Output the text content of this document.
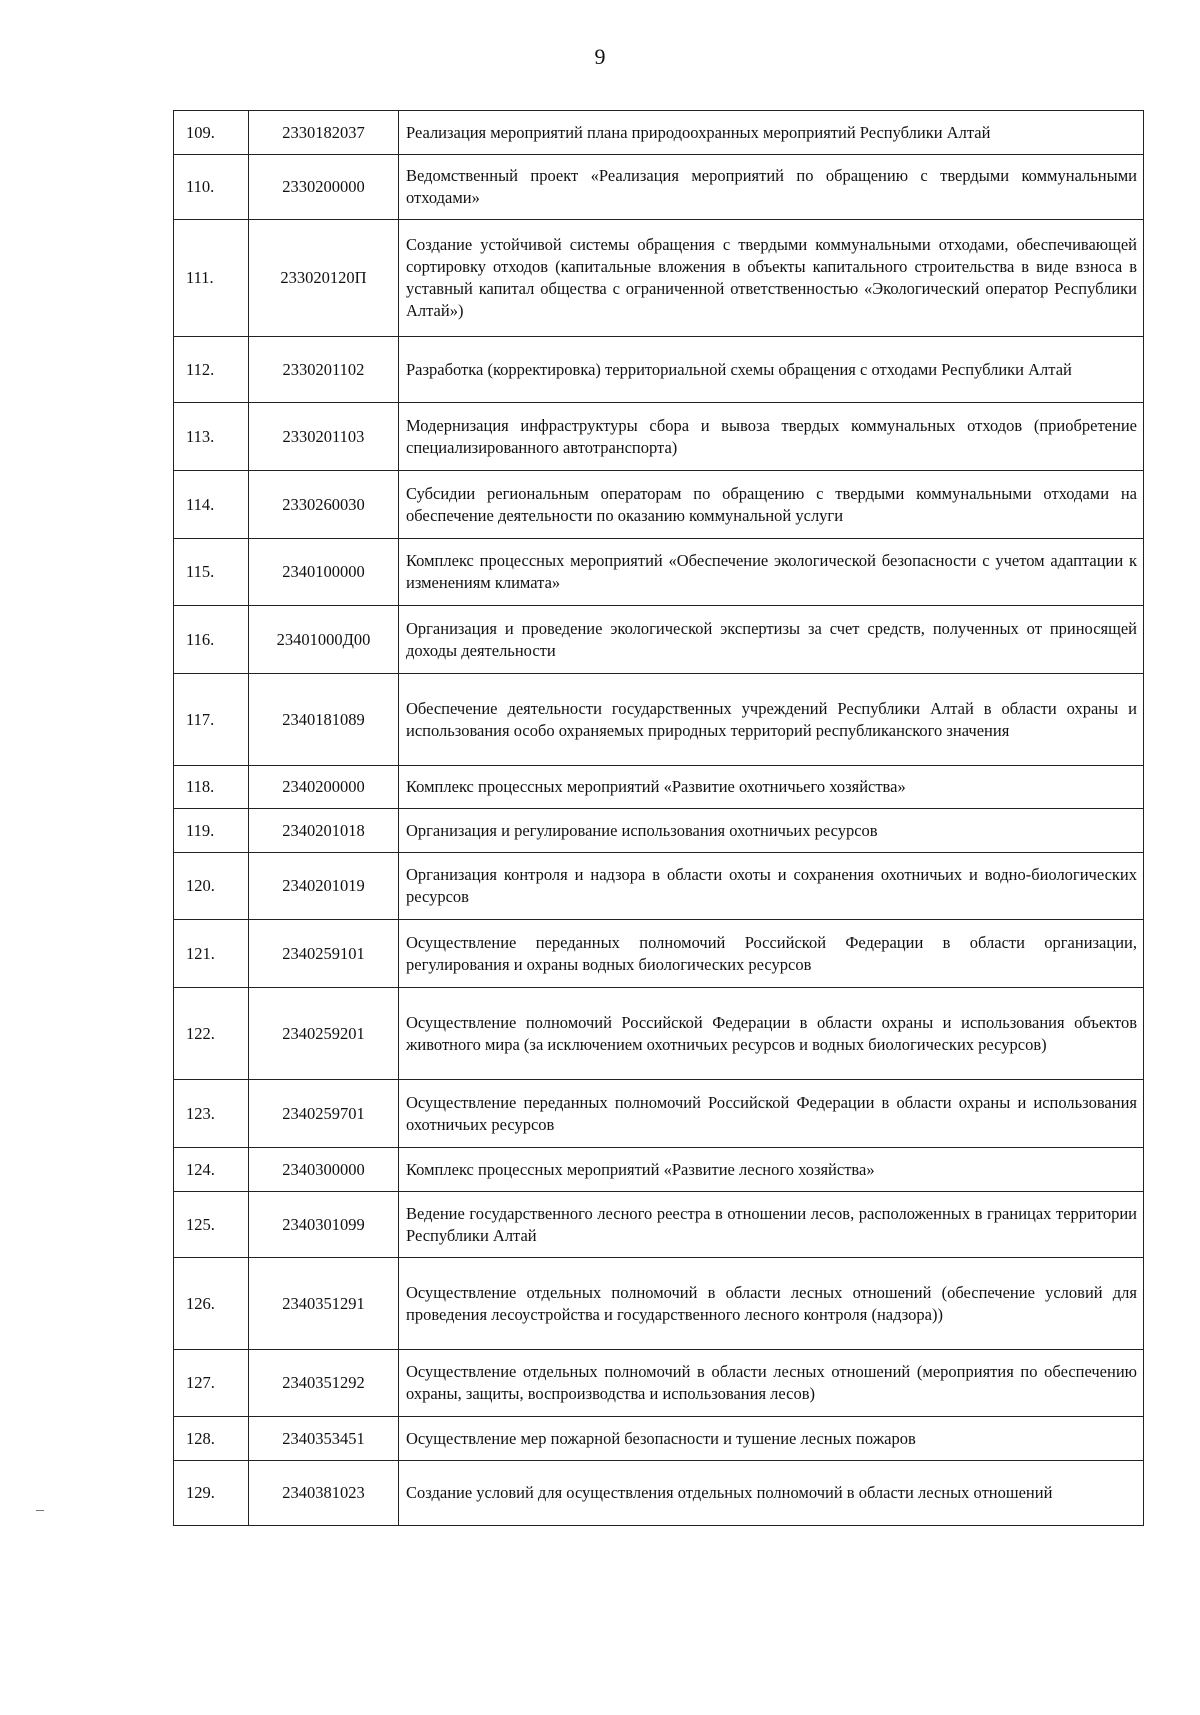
9
109.	2330182037	Реализация мероприятий плана природоохранных мероприятий Республики Алтай
110.	2330200000	Ведомственный проект «Реализация мероприятий по обращению с твердыми коммунальными отходами»
111.	233020120П	Создание устойчивой системы обращения с твердыми коммунальными отходами, обеспечивающей сортировку отходов (капитальные вложения в объекты капитального строительства в виде взноса в уставный капитал общества с ограниченной ответственностью «Экологический оператор Республики Алтай»)
112.	2330201102	Разработка (корректировка) территориальной схемы обращения с отходами Республики Алтай
113.	2330201103	Модернизация инфраструктуры сбора и вывоза твердых коммунальных отходов (приобретение специализированного автотранспорта)
114.	2330260030	Субсидии региональным операторам по обращению с твердыми коммунальными отходами на обеспечение деятельности по оказанию коммунальной услуги
115.	2340100000	Комплекс процессных мероприятий «Обеспечение экологической безопасности с учетом адаптации к изменениям климата»
116.	23401000Д00	Организация и проведение экологической экспертизы за счет средств, полученных от приносящей доходы деятельности
117.	2340181089	Обеспечение деятельности государственных учреждений Республики Алтай в области охраны и использования особо охраняемых природных территорий республиканского значения
118.	2340200000	Комплекс процессных мероприятий «Развитие охотничьего хозяйства»
119.	2340201018	Организация и регулирование использования охотничьих ресурсов
120.	2340201019	Организация контроля и надзора в области охоты и сохранения охотничьих и водно-биологических ресурсов
121.	2340259101	Осуществление переданных полномочий Российской Федерации в области организации, регулирования и охраны водных биологических ресурсов
122.	2340259201	Осуществление полномочий Российской Федерации в области охраны и использования объектов животного мира (за исключением охотничьих ресурсов и водных биологических ресурсов)
123.	2340259701	Осуществление переданных полномочий Российской Федерации в области охраны и использования охотничьих ресурсов
124.	2340300000	Комплекс процессных мероприятий «Развитие лесного хозяйства»
125.	2340301099	Ведение государственного лесного реестра в отношении лесов, расположенных в границах территории Республики Алтай
126.	2340351291	Осуществление отдельных полномочий в области лесных отношений (обеспечение условий для проведения лесоустройства и государственного лесного контроля (надзора))
127.	2340351292	Осуществление отдельных полномочий в области лесных отношений (мероприятия по обеспечению охраны, защиты, воспроизводства и использования лесов)
128.	2340353451	Осуществление мер пожарной безопасности и тушение лесных пожаров
129.	2340381023	Создание условий для осуществления отдельных полномочий в области лесных отношений
